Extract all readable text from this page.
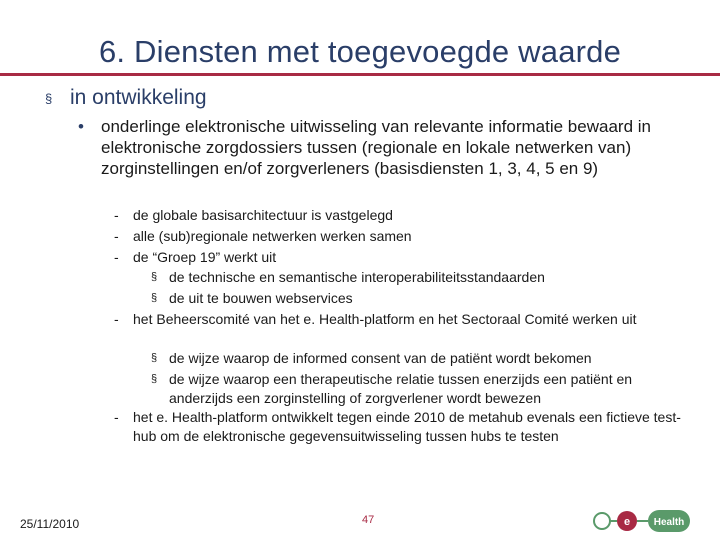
6. Diensten met toegevoegde waarde
§ in ontwikkeling
• onderlinge elektronische uitwisseling van relevante informatie bewaard in elektronische zorgdossiers tussen (regionale en lokale netwerken van) zorginstellingen en/of zorgverleners (basisdiensten 1, 3, 4, 5 en 9)
- de globale basisarchitectuur is vastgelegd
- alle (sub)regionale netwerken werken samen
- de “Groep 19” werkt uit
§ de technische en semantische interoperabiliteitsstandaarden
§ de uit te bouwen webservices
- het Beheerscomité van het e. Health-platform en het Sectoraal Comité werken uit
§ de wijze waarop de informed consent van de patiënt wordt bekomen
§ de wijze waarop een therapeutische relatie tussen enerzijds een patiënt en anderzijds een zorginstelling of zorgverlener wordt bewezen
- het e. Health-platform ontwikkelt tegen einde 2010 de metahub evenals een fictieve test-hub om de elektronische gegevensuitwisseling tussen hubs te testen
25/11/2010	47	e Health
